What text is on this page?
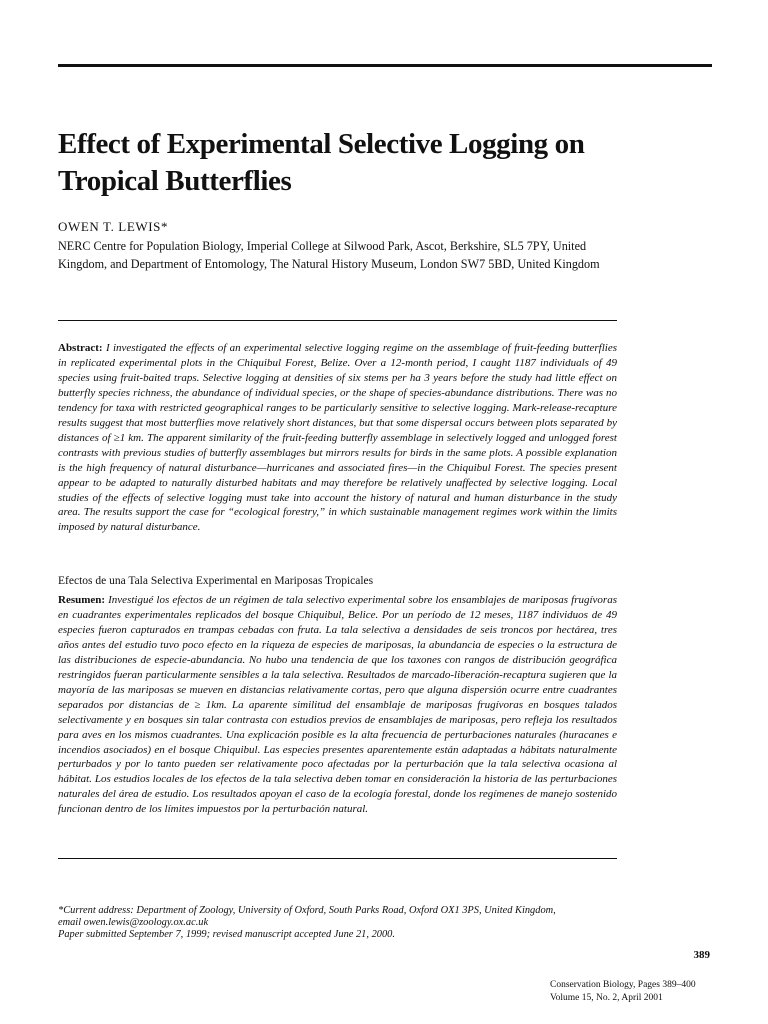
Effect of Experimental Selective Logging on
Tropical Butterflies
OWEN T. LEWIS*
NERC Centre for Population Biology, Imperial College at Silwood Park, Ascot, Berkshire, SL5 7PY, United
Kingdom, and Department of Entomology, The Natural History Museum, London SW7 5BD, United Kingdom

Abstract: I investigated the effects of an experimental selective logging regime on the assemblage of fruit-feeding butterflies in replicated experimental plots in the Chiquibul Forest, Belize. Over a 12-month period, I caught 1187 individuals of 49 species using fruit-baited traps. Selective logging at densities of six stems per ha 3 years before the study had little effect on butterfly species richness, the abundance of individual species, or the shape of species-abundance distributions. There was no tendency for taxa with restricted geographical ranges to be particularly sensitive to selective logging. Mark-release-recapture results suggest that most butterflies move relatively short distances, but that some dispersal occurs between plots separated by distances of ≥1 km. The apparent similarity of the fruit-feeding butterfly assemblage in selectively logged and unlogged forest contrasts with previous studies of butterfly assemblages but mirrors results for birds in the same plots. A possible explanation is the high frequency of natural disturbance—hurricanes and associated fires—in the Chiquibul Forest. The species present appear to be adapted to naturally disturbed habitats and may therefore be relatively unaffected by selective logging. Local studies of the effects of selective logging must take into account the history of natural and human disturbance in the study area. The results support the case for “ecological forestry,” in which sustainable management regimes work within the limits imposed by natural disturbance.

Efectos de una Tala Selectiva Experimental en Mariposas Tropicales

Resumen: Investigué los efectos de un régimen de tala selectivo experimental sobre los ensamblajes de mariposas frugívoras en cuadrantes experimentales replicados del bosque Chiquibul, Belice. Por un período de 12 meses, 1187 individuos de 49 especies fueron capturados en trampas cebadas con fruta. La tala selectiva a densidades de seis troncos por hectárea, tres años antes del estudio tuvo poco efecto en la riqueza de especies de mariposas, la abundancia de especies o la estructura de las distribuciones de especie-abundancia. No hubo una tendencia de que los taxones con rangos de distribución geográfica restringidos fueran particularmente sensibles a la tala selectiva. Resultados de marcado-liberación-recaptura sugieren que la mayoría de las mariposas se mueven en distancias relativamente cortas, pero que alguna dispersión ocurre entre cuadrantes separados por distancias de ≥ 1km. La aparente similitud del ensamblaje de mariposas frugívoras en bosques talados selectivamente y en bosques sin talar contrasta con estudios previos de ensamblajes de mariposas, pero refleja los resultados para aves en los mismos cuadrantes. Una explicación posible es la alta frecuencia de perturbaciones naturales (huracanes e incendios asociados) en el bosque Chiquibul. Las especies presentes aparentemente están adaptadas a hábitats naturalmente perturbados y por lo tanto pueden ser relativamente poco afectadas por la perturbación que la tala selectiva ocasiona al hábitat. Los estudios locales de los efectos de la tala selectiva deben tomar en consideración la historia de las perturbaciones naturales del área de estudio. Los resultados apoyan el caso de la ecología forestal, donde los regímenes de manejo sostenido funcionan dentro de los límites impuestos por la perturbación natural.

*Current address: Department of Zoology, University of Oxford, South Parks Road, Oxford OX1 3PS, United Kingdom,
email owen.lewis@zoology.ox.ac.uk
Paper submitted September 7, 1999; revised manuscript accepted June 21, 2000.
389
Conservation Biology, Pages 389–400
Volume 15, No. 2, April 2001
